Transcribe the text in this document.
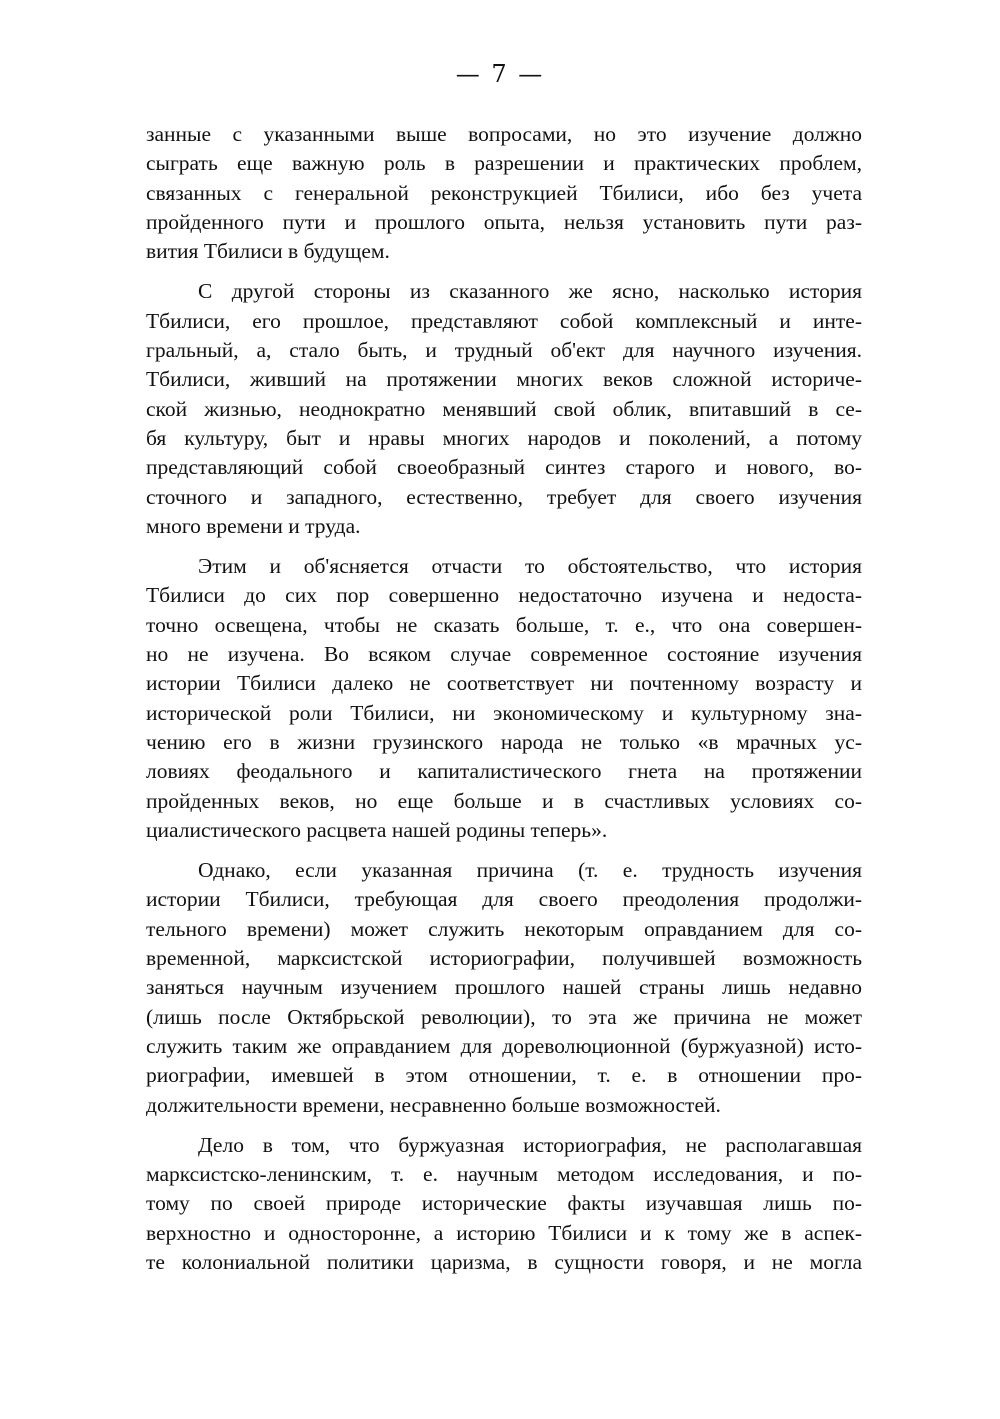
— 7 —
занные с указанными выше вопросами, но это изучение должно
сыграть еще важную роль в разрешении и практических проблем,
связанных с генеральной реконструкцией Тбилиси, ибо без учета
пройденного пути и прошлого опыта, нельзя установить пути раз-
вития Тбилиси в будущем.
С другой стороны из сказанного же ясно, насколько история
Тбилиси, его прошлое, представляют собой комплексный и инте-
гральный, а, стало быть, и трудный об'ект для научного изучения.
Тбилиси, живший на протяжении многих веков сложной историче-
ской жизнью, неоднократно менявший свой облик, впитавший в се-
бя культуру, быт и нравы многих народов и поколений, а потому
представляющий собой своеобразный синтез старого и нового, во-
сточного и западного, естественно, требует для своего изучения
много времени и труда.
Этим и об'ясняется отчасти то обстоятельство, что история
Тбилиси до сих пор совершенно недостаточно изучена и недоста-
точно освещена, чтобы не сказать больше, т. е., что она совершен-
но не изучена. Во всяком случае современное состояние изучения
истории Тбилиси далеко не соответствует ни почтенному возрасту и
исторической роли Тбилиси, ни экономическому и культурному зна-
чению его в жизни грузинского народа не только «в мрачных ус-
ловиях феодального и капиталистического гнета на протяжении
пройденных веков, но еще больше и в счастливых условиях со-
циалистического расцвета нашей родины теперь».
Однако, если указанная причина (т. е. трудность изучения
истории Тбилиси, требующая для своего преодоления продолжи-
тельного времени) может служить некоторым оправданием для со-
временной, марксистской историографии, получившей возможность
заняться научным изучением прошлого нашей страны лишь недавно
(лишь после Октябрьской революции), то эта же причина не может
служить таким же оправданием для дореволюционной (буржуазной) исто-
риографии, имевшей в этом отношении, т. е. в отношении про-
должительности времени, несравненно больше возможностей.
Дело в том, что буржуазная историография, не располагавшая
марксистско-ленинским, т. е. научным методом исследования, и по-
тому по своей природе исторические факты изучавшая лишь по-
верхностно и односторонне, а историю Тбилиси и к тому же в аспек-
те колониальной политики царизма, в сущности говоря, и не могла
